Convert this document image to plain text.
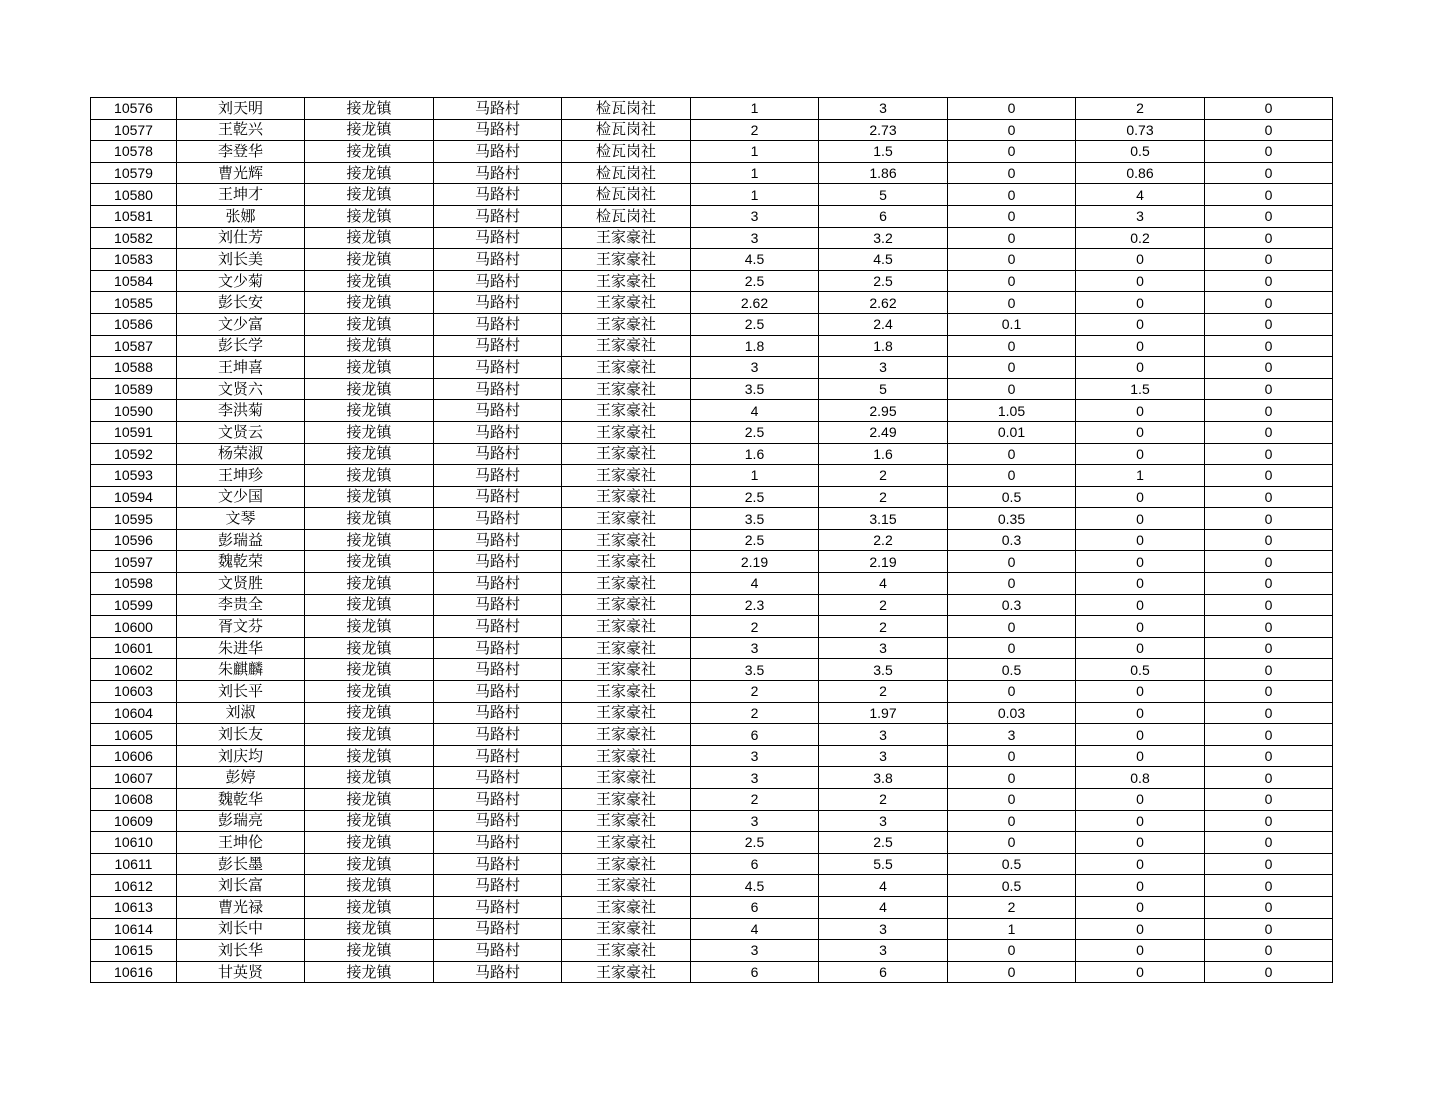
10576	刘天明	接龙镇	马路村	检瓦岗社	1	3	0	2	0
10577	王乾兴	接龙镇	马路村	检瓦岗社	2	2.73	0	0.73	0
10578	李登华	接龙镇	马路村	检瓦岗社	1	1.5	0	0.5	0
10579	曹光辉	接龙镇	马路村	检瓦岗社	1	1.86	0	0.86	0
10580	王坤才	接龙镇	马路村	检瓦岗社	1	5	0	4	0
10581	张娜	接龙镇	马路村	检瓦岗社	3	6	0	3	0
10582	刘仕芳	接龙镇	马路村	王家豪社	3	3.2	0	0.2	0
10583	刘长美	接龙镇	马路村	王家豪社	4.5	4.5	0	0	0
10584	文少菊	接龙镇	马路村	王家豪社	2.5	2.5	0	0	0
10585	彭长安	接龙镇	马路村	王家豪社	2.62	2.62	0	0	0
10586	文少富	接龙镇	马路村	王家豪社	2.5	2.4	0.1	0	0
10587	彭长学	接龙镇	马路村	王家豪社	1.8	1.8	0	0	0
10588	王坤喜	接龙镇	马路村	王家豪社	3	3	0	0	0
10589	文贤六	接龙镇	马路村	王家豪社	3.5	5	0	1.5	0
10590	李洪菊	接龙镇	马路村	王家豪社	4	2.95	1.05	0	0
10591	文贤云	接龙镇	马路村	王家豪社	2.5	2.49	0.01	0	0
10592	杨荣淑	接龙镇	马路村	王家豪社	1.6	1.6	0	0	0
10593	王坤珍	接龙镇	马路村	王家豪社	1	2	0	1	0
10594	文少国	接龙镇	马路村	王家豪社	2.5	2	0.5	0	0
10595	文琴	接龙镇	马路村	王家豪社	3.5	3.15	0.35	0	0
10596	彭瑞益	接龙镇	马路村	王家豪社	2.5	2.2	0.3	0	0
10597	魏乾荣	接龙镇	马路村	王家豪社	2.19	2.19	0	0	0
10598	文贤胜	接龙镇	马路村	王家豪社	4	4	0	0	0
10599	李贵全	接龙镇	马路村	王家豪社	2.3	2	0.3	0	0
10600	胥文芬	接龙镇	马路村	王家豪社	2	2	0	0	0
10601	朱进华	接龙镇	马路村	王家豪社	3	3	0	0	0
10602	朱麒麟	接龙镇	马路村	王家豪社	3.5	3.5	0.5	0.5	0
10603	刘长平	接龙镇	马路村	王家豪社	2	2	0	0	0
10604	刘淑	接龙镇	马路村	王家豪社	2	1.97	0.03	0	0
10605	刘长友	接龙镇	马路村	王家豪社	6	3	3	0	0
10606	刘庆均	接龙镇	马路村	王家豪社	3	3	0	0	0
10607	彭婷	接龙镇	马路村	王家豪社	3	3.8	0	0.8	0
10608	魏乾华	接龙镇	马路村	王家豪社	2	2	0	0	0
10609	彭瑞亮	接龙镇	马路村	王家豪社	3	3	0	0	0
10610	王坤伦	接龙镇	马路村	王家豪社	2.5	2.5	0	0	0
10611	彭长墨	接龙镇	马路村	王家豪社	6	5.5	0.5	0	0
10612	刘长富	接龙镇	马路村	王家豪社	4.5	4	0.5	0	0
10613	曹光禄	接龙镇	马路村	王家豪社	6	4	2	0	0
10614	刘长中	接龙镇	马路村	王家豪社	4	3	1	0	0
10615	刘长华	接龙镇	马路村	王家豪社	3	3	0	0	0
10616	甘英贤	接龙镇	马路村	王家豪社	6	6	0	0	0
